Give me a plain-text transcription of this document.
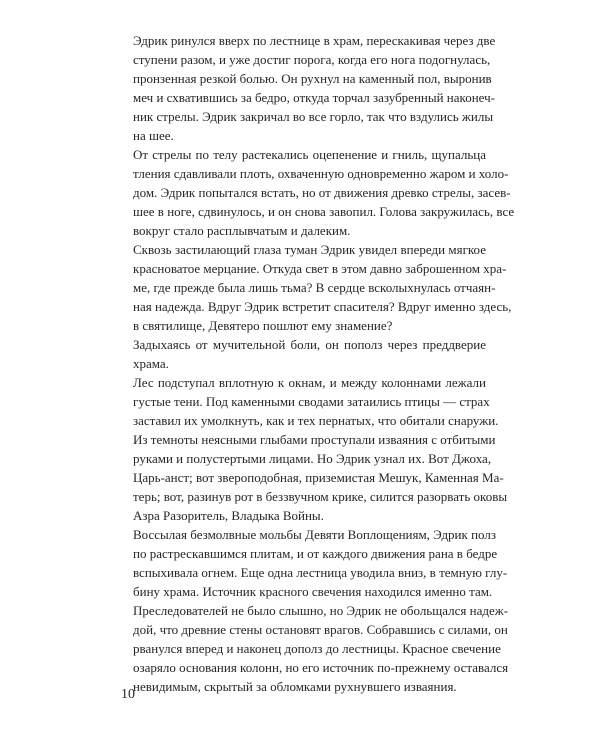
Эдрик ринулся вверх по лестнице в храм, перескакивая через две
ступени разом, и уже достиг порога, когда его нога подогнулась,
пронзенная резкой болью. Он рухнул на каменный пол, выронив
меч и схватившись за бедро, откуда торчал зазубренный наконеч-
ник стрелы. Эдрик закричал во все горло, так что вздулись жилы
на шее.
От стрелы по телу растекались оцепенение и гниль, щупальца
тления сдавливали плоть, охваченную одновременно жаром и холо-
дом. Эдрик попытался встать, но от движения древко стрелы, засев-
шее в ноге, сдвинулось, и он снова завопил. Голова закружилась, все
вокруг стало расплывчатым и далеким.
Сквозь застилающий глаза туман Эдрик увидел впереди мягкое
красноватое мерцание. Откуда свет в этом давно заброшенном хра-
ме, где прежде была лишь тьма? В сердце всколыхнулась отчаян-
ная надежда. Вдруг Эдрик встретит спасителя? Вдруг именно здесь,
в святилище, Девятеро пошлют ему знамение?
Задыхаясь от мучительной боли, он пополз через преддверие
храма.
Лес подступал вплотную к окнам, и между колоннами лежали
густые тени. Под каменными сводами затаились птицы — страх
заставил их умолкнуть, как и тех пернатых, что обитали снаружи.
Из темноты неясными глыбами проступали изваяния с отбитыми
руками и полустертыми лицами. Но Эдрик узнал их. Вот Джоха,
Царь-анст; вот звероподобная, приземистая Мешук, Каменная Ма-
терь; вот, разинув рот в беззвучном крике, силится разорвать оковы
Азра Разоритель, Владыка Войны.
Воссылая безмолвные мольбы Девяти Воплощениям, Эдрик полз
по растрескавшимся плитам, и от каждого движения рана в бедре
вспыхивала огнем. Еще одна лестница уводила вниз, в темную глу-
бину храма. Источник красного свечения находился именно там.
Преследователей не было слышно, но Эдрик не обольщался надеж-
дой, что древние стены остановят врагов. Собравшись с силами, он
рванулся вперед и наконец дополз до лестницы. Красное свечение
озаряло основания колонн, но его источник по-прежнему оставался
невидимым, скрытый за обломками рухнувшего изваяния.
10
